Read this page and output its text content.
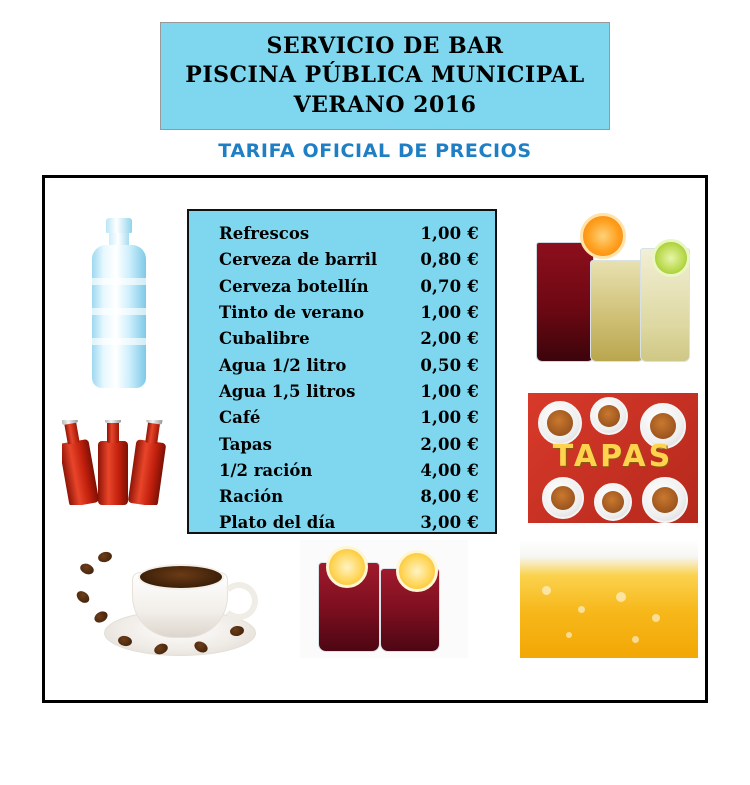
SERVICIO DE BAR
PISCINA PÚBLICA MUNICIPAL
VERANO 2016
TARIFA OFICIAL DE PRECIOS
TAPAS
Refrescos	1,00 €
Cerveza de barril	0,80 €
Cerveza botellín	0,70 €
Tinto de verano	1,00 €
Cubalibre	2,00 €
Agua 1/2 litro	0,50 €
Agua 1,5 litros	1,00 €
Café	1,00 €
Tapas	2,00 €
1/2 ración	4,00 €
Ración	8,00 €
Plato del día	3,00 €
